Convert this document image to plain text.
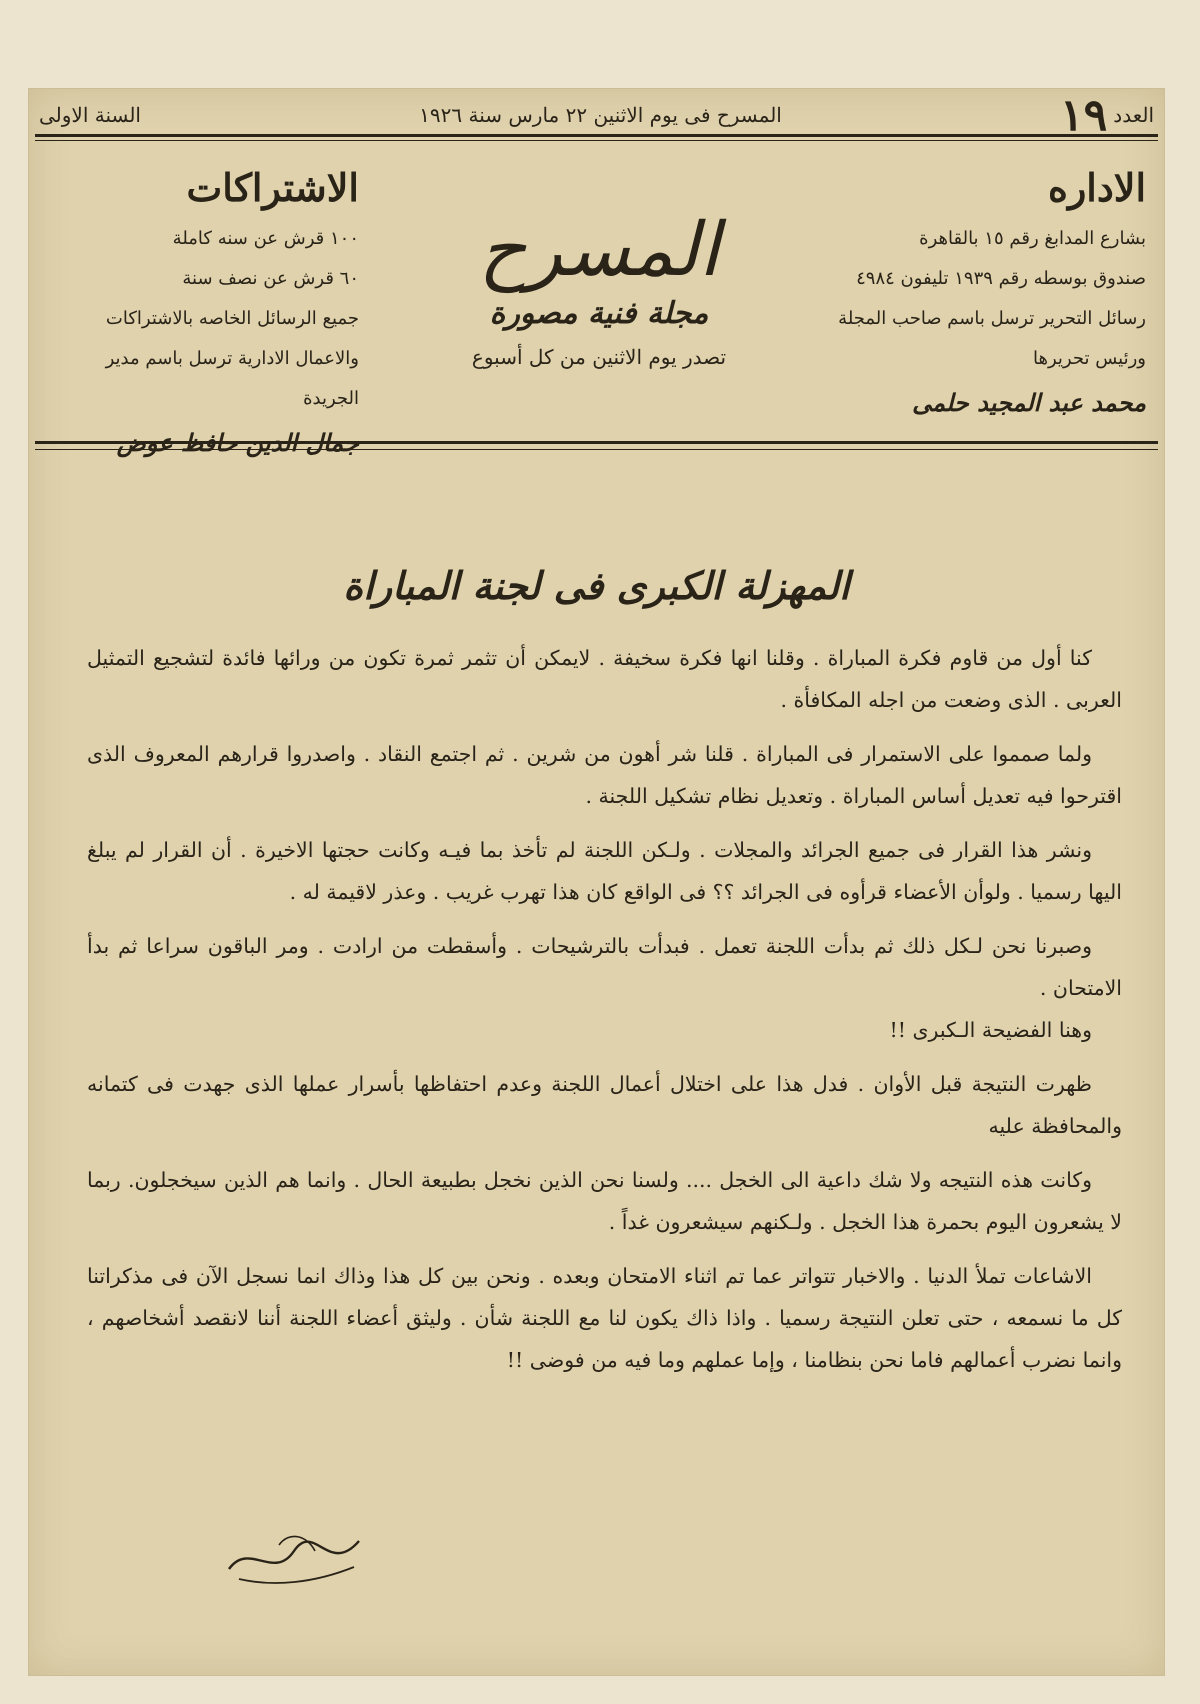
العدد
١٩
المسرح فى يوم الاثنين ٢٢ مارس سنة ١٩٢٦
السنة الاولى
الاداره
بشارع المدابغ رقم ١٥ بالقاهرة
صندوق بوسطه رقم ١٩٣٩ تليفون ٤٩٨٤
رسائل التحرير ترسل باسم صاحب المجلة
ورئيس تحريرها
محمد عبد المجيد حلمى
المسرح
مجلة فنية مصورة
تصدر يوم الاثنين من كل أسبوع
الاشتراكات
١٠٠ قرش عن سنه كاملة
٦٠ قرش عن نصف سنة
جميع الرسائل الخاصه بالاشتراكات
والاعمال الادارية ترسل باسم مدير الجريدة
جمال الدين حافظ عوض
المهزلة الكبرى فى لجنة المباراة

كنا أول من قاوم فكرة المباراة . وقلنا انها فكرة سخيفة . لايمكن أن تثمر ثمرة تكون من ورائها فائدة لتشجيع التمثيل العربى . الذى وضعت من اجله المكافأة .

ولما صمموا على الاستمرار فى المباراة . قلنا شر أهون من شرين . ثم اجتمع النقاد . واصدروا قرارهم المعروف الذى اقترحوا فيه تعديل أساس المباراة . وتعديل نظام تشكيل اللجنة .

ونشر هذا القرار فى جميع الجرائد والمجلات . ولـكن اللجنة لم تأخذ بما فيـه وكانت حجتها الاخيرة . أن القرار لم يبلغ اليها رسميا . ولوأن الأعضاء قرأوه فى الجرائد ؟؟ فى الواقع كان هذا تهرب غريب . وعذر لاقيمة له .

وصبرنا نحن لـكل ذلك ثم بدأت اللجنة تعمل . فبدأت بالترشيحات . وأسقطت من ارادت . ومر الباقون سراعا ثم بدأ الامتحان .

وهنا الفضيحة الـكبرى !!

ظهرت النتيجة قبل الأوان . فدل هذا على اختلال أعمال اللجنة وعدم احتفاظها بأسرار عملها الذى جهدت فى كتمانه والمحافظة عليه

وكانت هذه النتيجه ولا شك داعية الى الخجل .... ولسنا نحن الذين نخجل بطبيعة الحال . وانما هم الذين سيخجلون. ربما لا يشعرون اليوم بحمرة هذا الخجل . ولـكنهم سيشعرون غداً .

الاشاعات تملأ الدنيا . والاخبار تتواتر عما تم اثناء الامتحان وبعده . ونحن بين كل هذا وذاك انما نسجل الآن فى مذكراتنا كل ما نسمعه ، حتى تعلن النتيجة رسميا . واذا ذاك يكون لنا مع اللجنة شأن . وليثق أعضاء اللجنة أننا لانقصد أشخاصهم ، وانما نضرب أعمالهم فاما نحن بنظامنا ، وإما عملهم وما فيه من فوضى !!
